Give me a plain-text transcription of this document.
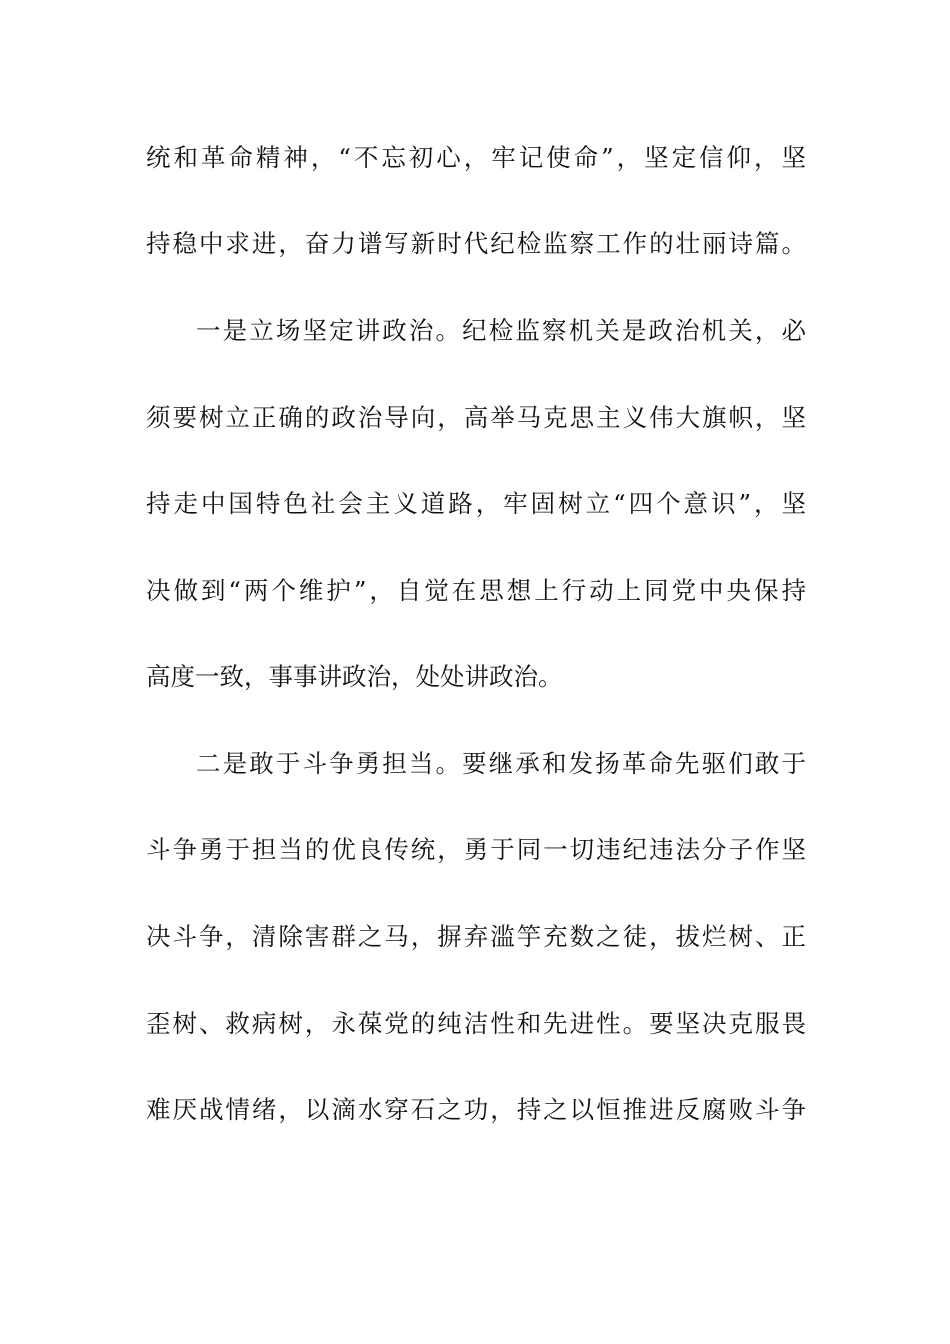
统和革命精神，“不忘初心，牢记使命”，坚定信仰，坚
持稳中求进，奋力谱写新时代纪检监察工作的壮丽诗篇。
一是立场坚定讲政治。纪检监察机关是政治机关，必
须要树立正确的政治导向，高举马克思主义伟大旗帜，坚
持走中国特色社会主义道路，牢固树立“四个意识”，坚
决做到“两个维护”，自觉在思想上行动上同党中央保持
高度一致，事事讲政治，处处讲政治。
二是敢于斗争勇担当。要继承和发扬革命先驱们敢于
斗争勇于担当的优良传统，勇于同一切违纪违法分子作坚
决斗争，清除害群之马，摒弃滥竽充数之徒，拔烂树、正
歪树、救病树，永葆党的纯洁性和先进性。要坚决克服畏
难厌战情绪，以滴水穿石之功，持之以恒推进反腐败斗争
